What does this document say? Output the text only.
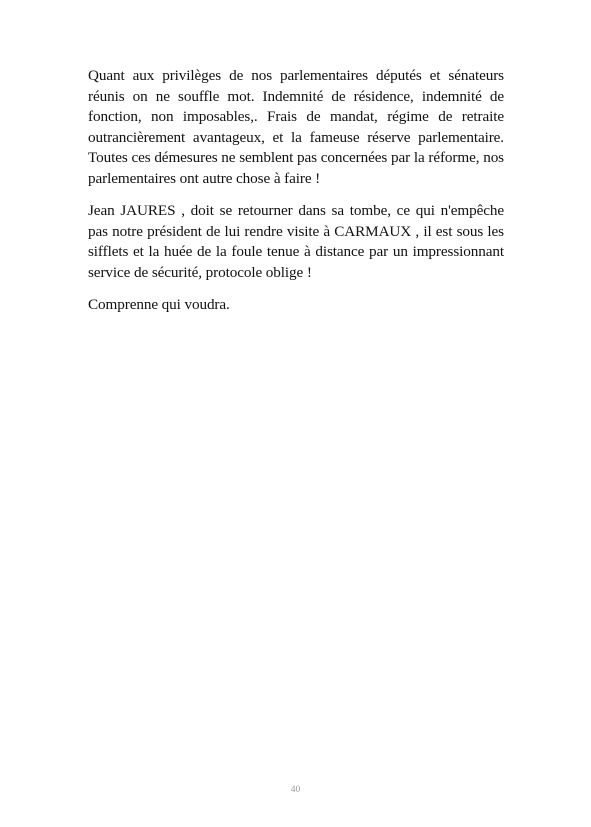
Quant aux privilèges de nos parlementaires députés et sénateurs réunis on ne souffle mot. Indemnité de résidence, indemnité de fonction, non imposables,. Frais de mandat, régime de retraite outrancièrement avantageux, et la fameuse réserve parlementaire. Toutes ces démesures ne semblent pas concernées par la réforme, nos parlementaires ont autre chose à faire !

Jean JAURES , doit se retourner dans sa tombe, ce qui n'empêche pas notre président de lui rendre visite à CARMAUX , il est sous les sifflets et la huée de la foule tenue à distance par un impressionnant service de sécurité, protocole oblige !

Comprenne qui voudra.

40
